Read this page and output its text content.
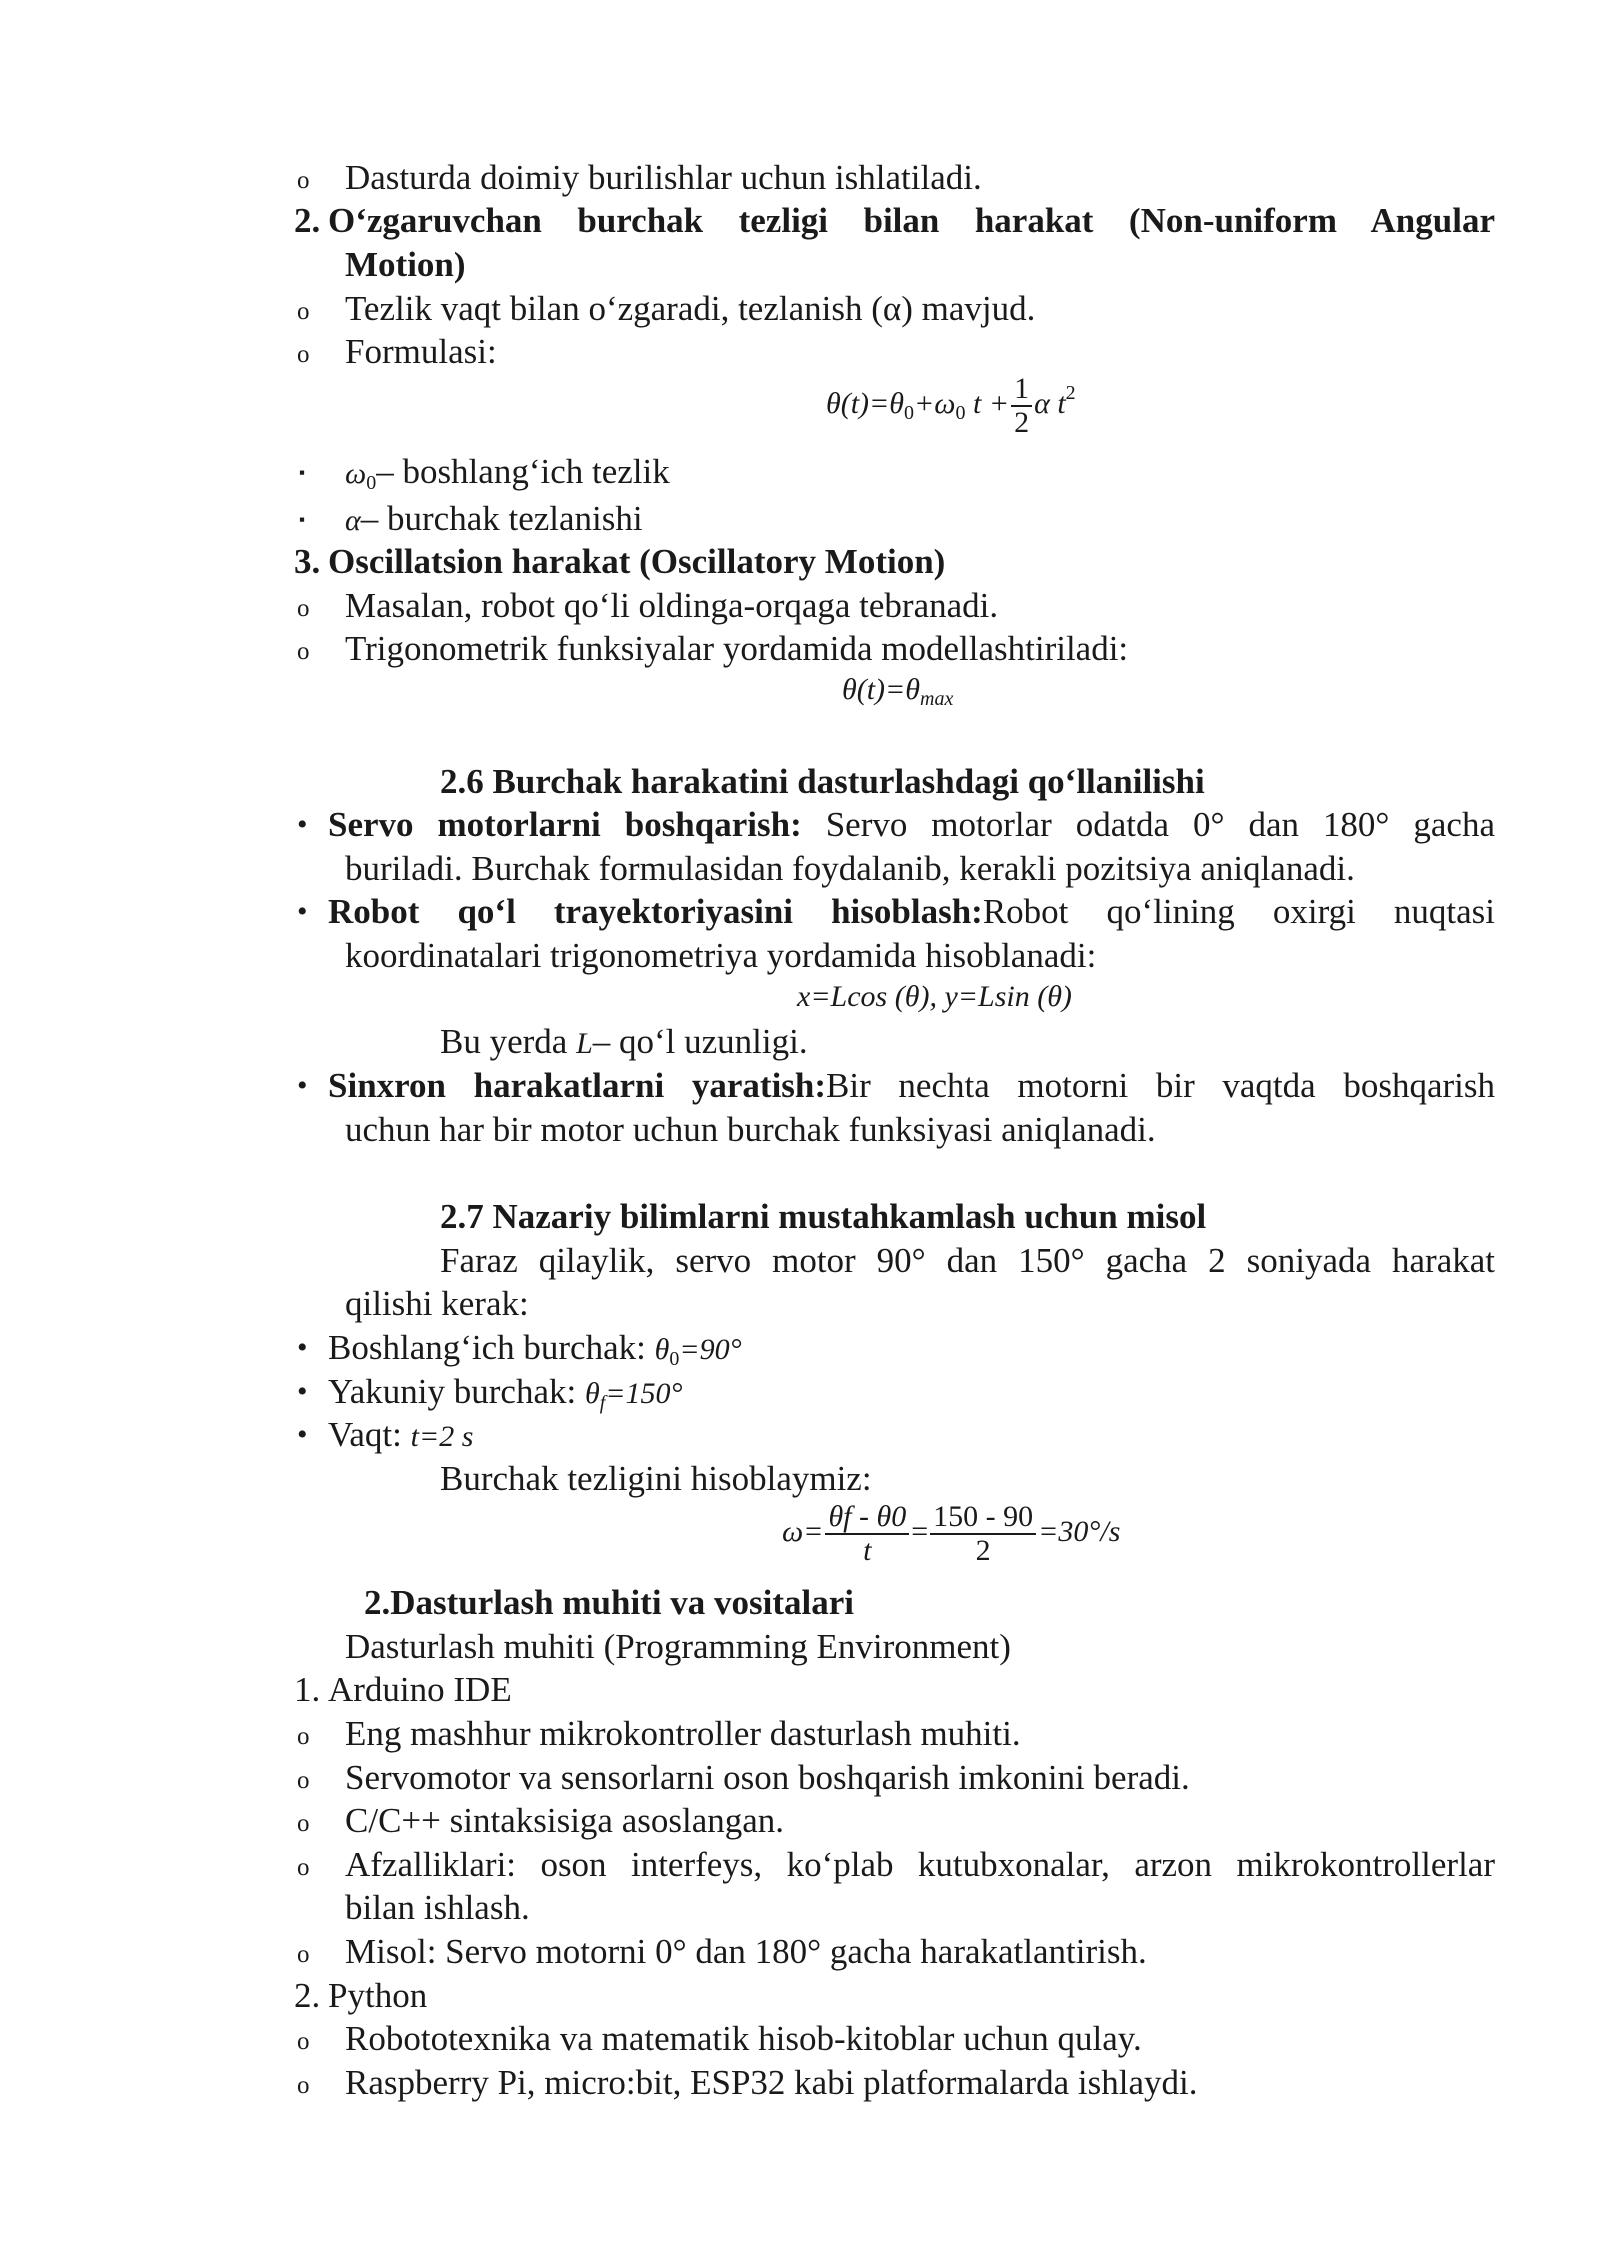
o Dasturda doimiy burilishlar uchun ishlatiladi.
2. O‘zgaruvchan burchak tezligi bilan harakat (Non-uniform Angular
Motion)
o Tezlik vaqt bilan o‘zgaradi, tezlanish (α) mavjud.
o Formulasi:
$\theta(t)=\theta_0+\omega_0$ $t + \frac{1}{2}$ α $t^2$
▪ $\omega_0-$ boshlang‘ich tezlik
▪ α– burchak tezlanishi
3. Oscillatsion harakat (Oscillatory Motion)
o Masalan, robot qo‘li oldinga-orqaga tebranadi.
o Trigonometrik funksiyalar yordamida modellashtiriladi:
$\theta(t)=\theta_{max}$
2.6 Burchak harakatini dasturlashdagi qo‘llanilishi
• Servo motorlarni boshqarish: Servo motorlar odatda 0° dan 180° gacha
buriladi. Burchak formulasidan foydalanib, kerakli pozitsiya aniqlanadi.
• Robot qo‘l trayektoriyasini hisoblash:Robot qo‘lining oxirgi nuqtasi
koordinatalari trigonometriya yordamida hisoblanadi:
x=Lcos (θ), y=Lsin (θ)
Bu yerda L– qo‘l uzunligi.
• Sinxron harakatlarni yaratish:Bir nechta motorni bir vaqtda boshqarish
uchun har bir motor uchun burchak funksiyasi aniqlanadi.
2.7 Nazariy bilimlarni mustahkamlash uchun misol
Faraz qilaylik, servo motor 90° dan 150° gacha 2 soniyada harakat
qilishi kerak:
• Boshlang‘ich burchak: $\theta_0=90^\circ$
• Yakuniy burchak: $\theta_f=150^\circ$
• Vaqt: t=2 s
Burchak tezligini hisoblaymiz:
$\omega= \frac{\theta f - \theta 0}{t} = \frac{150 - 90}{2} =30^\circ/s$
2.Dasturlash muhiti va vositalari
Dasturlash muhiti (Programming Environment)
1. Arduino IDE
o Eng mashhur mikrokontroller dasturlash muhiti.
o Servomotor va sensorlarni oson boshqarish imkonini beradi.
o C/C++ sintaksisiga asoslangan.
o Afzalliklari: oson interfeys, ko‘plab kutubxonalar, arzon mikrokontrollerlar
bilan ishlash.
o Misol: Servo motorni 0° dan 180° gacha harakatlantirish.
2. Python
o Robototexnika va matematik hisob-kitoblar uchun qulay.
o Raspberry Pi, micro:bit, ESP32 kabi platformalarda ishlaydi.
